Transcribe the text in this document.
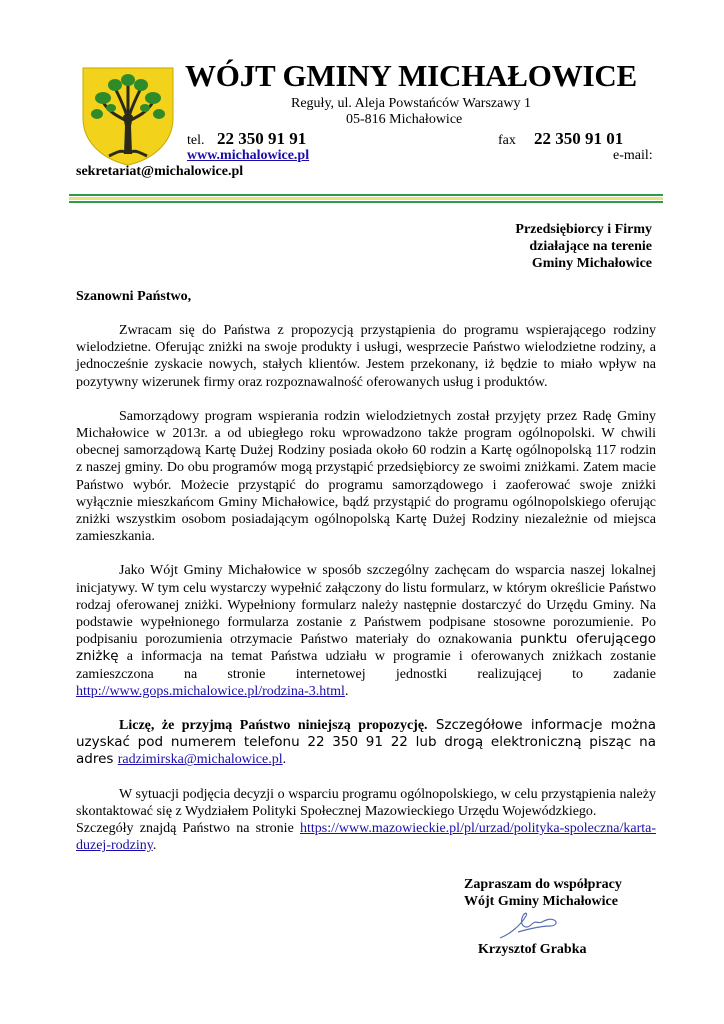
WÓJT GMINY MICHAŁOWICE
Reguły, ul. Aleja Powstańców Warszawy 1
05-816 Michałowice
tel. 22 350 91 91	fax 22 350 91 01
www.michalowice.pl	e-mail:
sekretariat@michalowice.pl
Przedsiębiorcy i Firmy
działające na terenie
Gminy Michałowice
Szanowni Państwo,

Zwracam się do Państwa z propozycją przystąpienia do programu wspierającego rodziny wielodzietne. Oferując zniżki na swoje produkty i usługi, wesprzecie Państwo wielodzietne rodziny, a jednocześnie zyskacie nowych, stałych klientów. Jestem przekonany, iż będzie to miało wpływ na pozytywny wizerunek firmy oraz rozpoznawalność oferowanych usług i produktów.

Samorządowy program wspierania rodzin wielodzietnych został przyjęty przez Radę Gminy Michałowice w 2013r. a od ubiegłego roku wprowadzono także program ogólnopolski. W chwili obecnej samorządową Kartę Dużej Rodziny posiada około 60 rodzin a Kartę ogólnopolską 117 rodzin z naszej gminy. Do obu programów mogą przystąpić przedsiębiorcy ze swoimi zniżkami. Zatem macie Państwo wybór. Możecie przystąpić do programu samorządowego i zaoferować swoje zniżki wyłącznie mieszkańcom Gminy Michałowice, bądź przystąpić do programu ogólnopolskiego oferując zniżki wszystkim osobom posiadającym ogólnopolską Kartę Dużej Rodziny niezależnie od miejsca zamieszkania.

Jako Wójt Gminy Michałowice w sposób szczególny zachęcam do wsparcia naszej lokalnej inicjatywy. W tym celu wystarczy wypełnić załączony do listu formularz, w którym określicie Państwo rodzaj oferowanej zniżki. Wypełniony formularz należy następnie dostarczyć do Urzędu Gminy. Na podstawie wypełnionego formularza zostanie z Państwem podpisane stosowne porozumienie. Po podpisaniu porozumienia otrzymacie Państwo materiały do oznakowania punktu oferującego zniżkę a informacja na temat Państwa udziału w programie i oferowanych zniżkach zostanie zamieszczona na stronie internetowej jednostki realizującej to zadanie http://www.gops.michalowice.pl/rodzina-3.html.

Liczę, że przyjmą Państwo niniejszą propozycję. Szczegółowe informacje można uzyskać pod numerem telefonu 22 350 91 22 lub drogą elektroniczną pisząc na adres radzimirska@michalowice.pl.

W sytuacji podjęcia decyzji o wsparciu programu ogólnopolskiego, w celu przystąpienia należy skontaktować się z Wydziałem Polityki Społecznej Mazowieckiego Urzędu Wojewódzkiego.

Szczegóły znajdą Państwo na stronie https://www.mazowieckie.pl/pl/urzad/polityka-spoleczna/karta-duzej-rodziny.

Zapraszam do współpracy
Wójt Gminy Michałowice
Krzysztof Grabka
